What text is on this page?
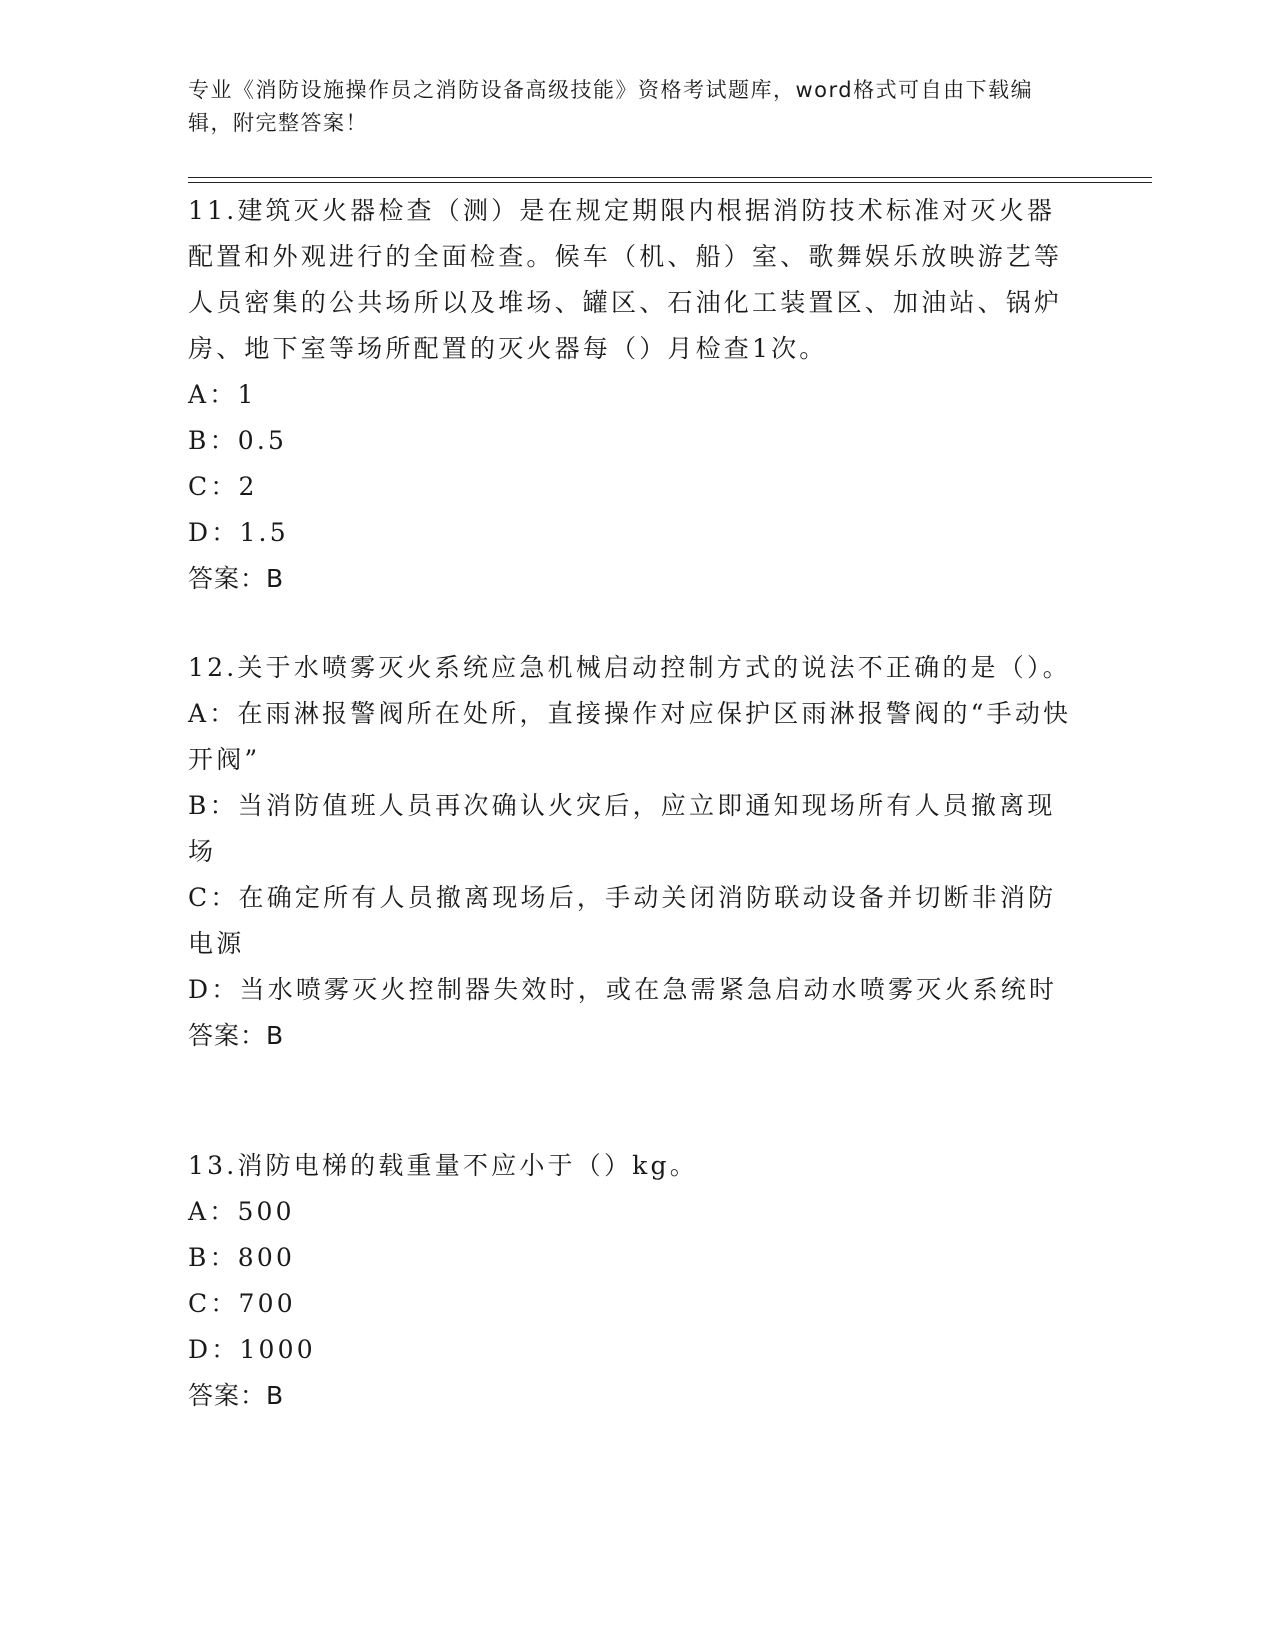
专业《消防设施操作员之消防设备高级技能》资格考试题库，word格式可自由下载编辑，附完整答案！

11.建筑灭火器检查（测）是在规定期限内根据消防技术标准对灭火器配置和外观进行的全面检查。候车（机、船）室、歌舞娱乐放映游艺等人员密集的公共场所以及堆场、罐区、石油化工装置区、加油站、锅炉房、地下室等场所配置的灭火器每（）月检查1次。

A：1

B：0.5

C：2

D：1.5

答案：B

12.关于水喷雾灭火系统应急机械启动控制方式的说法不正确的是（）。

A：在雨淋报警阀所在处所，直接操作对应保护区雨淋报警阀的“手动快开阀”

B：当消防值班人员再次确认火灾后，应立即通知现场所有人员撤离现场

C：在确定所有人员撤离现场后，手动关闭消防联动设备并切断非消防电源

D：当水喷雾灭火控制器失效时，或在急需紧急启动水喷雾灭火系统时

答案：B

13.消防电梯的载重量不应小于（）kg。

A：500

B：800

C：700

D：1000

答案：B
